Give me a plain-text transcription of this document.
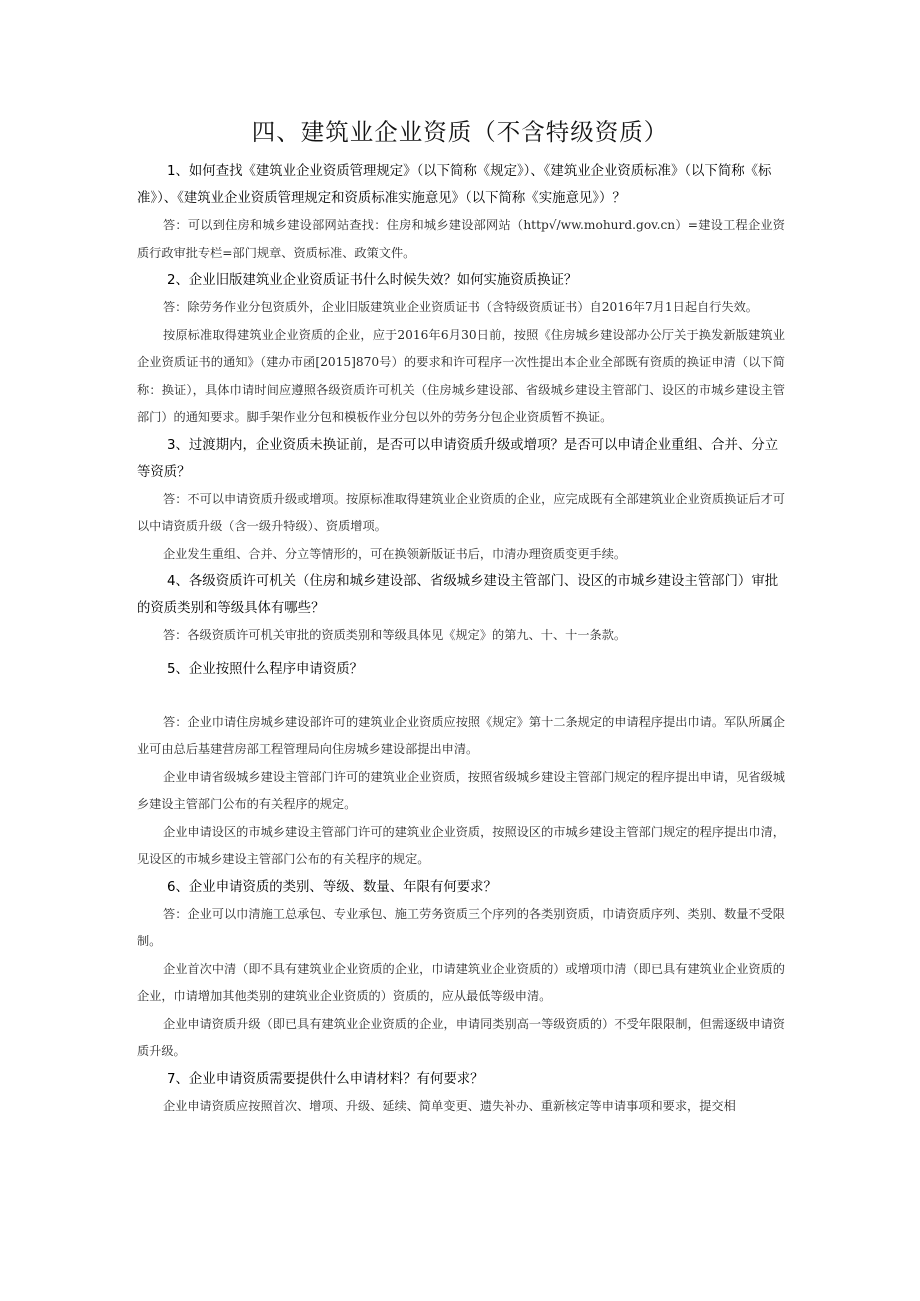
四、建筑业企业资质（不含特级资质）

1、如何查找《建筑业企业资质管理规定》（以下简称《规定》）、《建筑业企业资质标准》（以下简称《标准》）、《建筑业企业资质管理规定和资质标准实施意见》（以下简称《实施意见》）？

答：可以到住房和城乡建设部网站查找：住房和城乡建设部网站（http√/ww.mohurd.gov.cn）=建设工程企业资质行政审批专栏=部门规章、资质标准、政策文件。

2、企业旧版建筑业企业资质证书什么时候失效？如何实施资质换证？

答：除劳务作业分包资质外，企业旧版建筑业企业资质证书（含特级资质证书）自2016年7月1日起自行失效。

按原标准取得建筑业企业资质的企业，应于2016年6月30日前，按照《住房城乡建设部办公厅关于换发新版建筑业企业资质证书的通知》（建办市函[2015]870号）的要求和许可程序一次性提出本企业全部既有资质的换证申清（以下简称：换证），具体巾请时间应遵照各级资质许可机关（住房城乡建设部、省级城乡建设主管部门、设区的市城乡建设主管部门）的通知要求。脚手架作业分包和模板作业分包以外的劳务分包企业资质暂不换证。

3、过渡期内，企业资质未换证前，是否可以申请资质升级或增项？是否可以申请企业重组、合并、分立等资质？

答：不可以申请资质升级或增项。按原标准取得建筑业企业资质的企业，应完成既有全部建筑业企业资质换证后才可以中请资质升级（含一级升特级）、资质增项。

企业发生重组、合并、分立等情形的，可在换领新版证书后，巾清办理资质变更手续。

4、各级资质许可机关（住房和城乡建设部、省级城乡建设主管部门、设区的市城乡建设主管部门）审批的资质类别和等级具体有哪些？

答：各级资质许可机关审批的资质类别和等级具体见《规定》的第九、十、十一条款。

5、企业按照什么程序申请资质？

答：企业巾请住房城乡建设部许可的建筑业企业资质应按照《规定》第十二条规定的申请程序提出巾请。军队所属企业可由总后基建营房部工程管理局向住房城乡建设部提出申清。

企业申请省级城乡建设主管部门许可的建筑业企业资质，按照省级城乡建设主管部门规定的程序提出申请，见省级城乡建设主管部门公布的有关程序的规定。

企业申请设区的市城乡建设主管部门许可的建筑业企业资质，按照设区的市城乡建设主管部门规定的程序提出巾清，见设区的市城乡建设主管部门公布的有关程序的规定。

6、企业申请资质的类别、等级、数量、年限有何要求？

答：企业可以巾清施工总承包、专业承包、施工劳务资质三个序列的各类别资质，巾请资质序列、类别、数量不受限制。

企业首次中清（即不具有建筑业企业资质的企业，巾请建筑业企业资质的）或增项巾清（即已具有建筑业企业资质的企业，巾请增加其他类别的建筑业企业资质的）资质的，应从最低等级申清。

企业申请资质升级（即已具有建筑业企业资质的企业，申请同类别高一等级资质的）不受年限限制，但需逐级申请资质升级。

7、企业申请资质需要提供什么申请材料？有何要求？

企业申请资质应按照首次、增项、升级、延续、简单变更、遗失补办、重新核定等申请事项和要求，提交相
